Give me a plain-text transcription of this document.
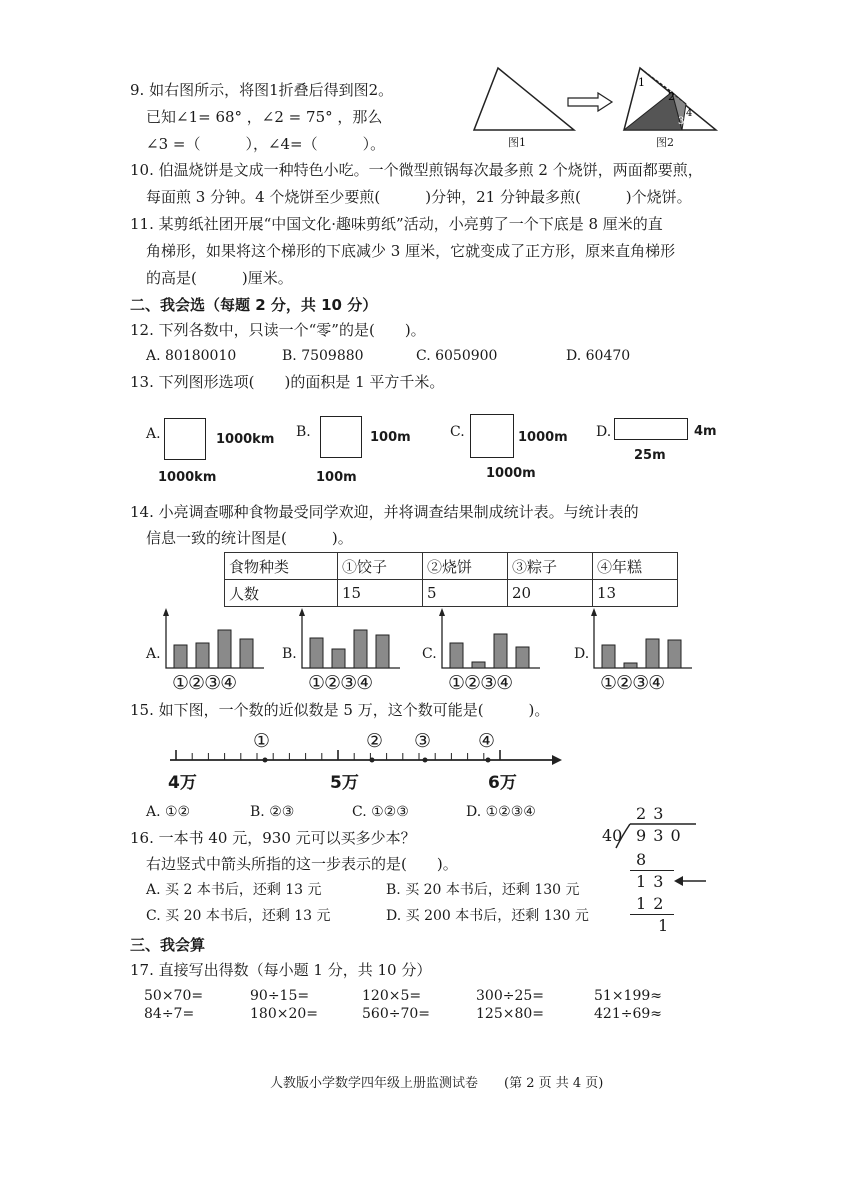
9. 如右图所示，将图1折叠后得到图2。
已知∠1= 68° ，∠2 = 75° ，那么
∠3 =（　　　），∠4=（　　　）。	图1
1
2
3
4
图2
10. 伯温烧饼是文成一种特色小吃。一个微型煎锅每次最多煎 2 个烧饼，两面都要煎，
每面煎 3 分钟。4 个烧饼至少要煎(　　　)分钟，21 分钟最多煎(　　　)个烧饼。
11. 某剪纸社团开展“中国文化·趣味剪纸”活动，小亮剪了一个下底是 8 厘米的直
角梯形，如果将这个梯形的下底减少 3 厘米，它就变成了正方形，原来直角梯形
的高是(　　　)厘米。
二、我会选（每题 2 分，共 10 分）
12. 下列各数中，只读一个“零”的是(　　)。
A. 80180010	B. 7509880	C. 6050900	D. 60470
13. 下列图形选项(　　)的面积是 1 平方千米。
A.	1000km
1000km
B.	100m
100m
C.	1000m
1000m
D.	4m
25m
14. 小亮调查哪种食物最受同学欢迎，并将调查结果制成统计表。与统计表的
信息一致的统计图是(　　　)。
食物种类	①饺子	②烧饼	③粽子	④年糕
人数	15	5	20	13
A.
①②③④
B.
①②③④
C.
①②③④
D.
①②③④
15. 如下图，一个数的近似数是 5 万，这个数可能是(　　　)。
①	② ③	④
4万	5万	6万
A. ①②	B. ②③	C. ①②③	D. ①②③④
16. 一本书 40 元，930 元可以买多少本？
右边竖式中箭头所指的这一步表示的是(　　)。
A. 买 2 本书后，还剩 13 元	B. 买 20 本书后，还剩 130 元
C. 买 20 本书后，还剩 13 元	D. 买 200 本书后，还剩 130 元
2 3
40 9 3 0
8
1 3
1 2
1
三、我会算
17. 直接写出得数（每小题 1 分，共 10 分）
50×70=	90÷15=	120×5=	300÷25=	51×199≈
84÷7=	180×20=	560÷70=	125×80=	421÷69≈
人教版小学数学四年级上册监测试卷　　(第 2 页 共 4 页)
